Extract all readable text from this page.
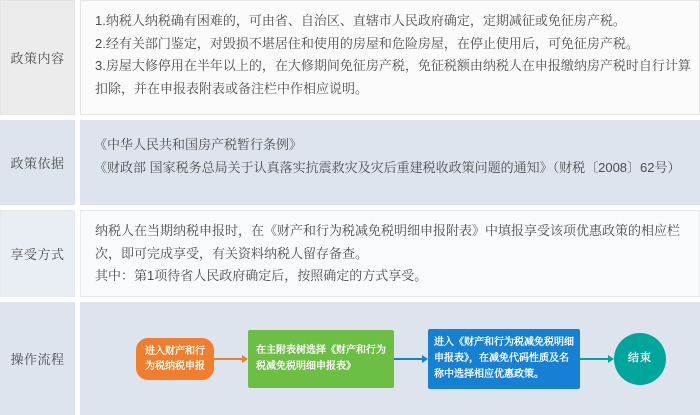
政策内容

1.纳税人纳税确有困难的，可由省、自治区、直辖市人民政府确定，定期减征或免征房产税。

2.经有关部门鉴定，对毁损不堪居住和使用的房屋和危险房屋，在停止使用后，可免征房产税。

3.房屋大修停用在半年以上的，在大修期间免征房产税，免征税额由纳税人在申报缴纳房产税时自行计算扣除，并在申报表附表或备注栏中作相应说明。

政策依据

《中华人民共和国房产税暂行条例》

《财政部 国家税务总局关于认真落实抗震救灾及灾后重建税收政策问题的通知》（财税〔2008〕62号）

享受方式

纳税人在当期纳税申报时，在《财产和行为税减免税明细申报附表》中填报享受该项优惠政策的相应栏次，即可完成享受，有关资料纳税人留存备查。

其中：第1项待省人民政府确定后，按照确定的方式享受。

操作流程
进入财产和行为税纳税申报
在主附表树选择《财产和行为税减免税明细申报表》
进入《财产和行为税减免税明细申报表》，在减免代码性质及名称中选择相应优惠政策。
结束
